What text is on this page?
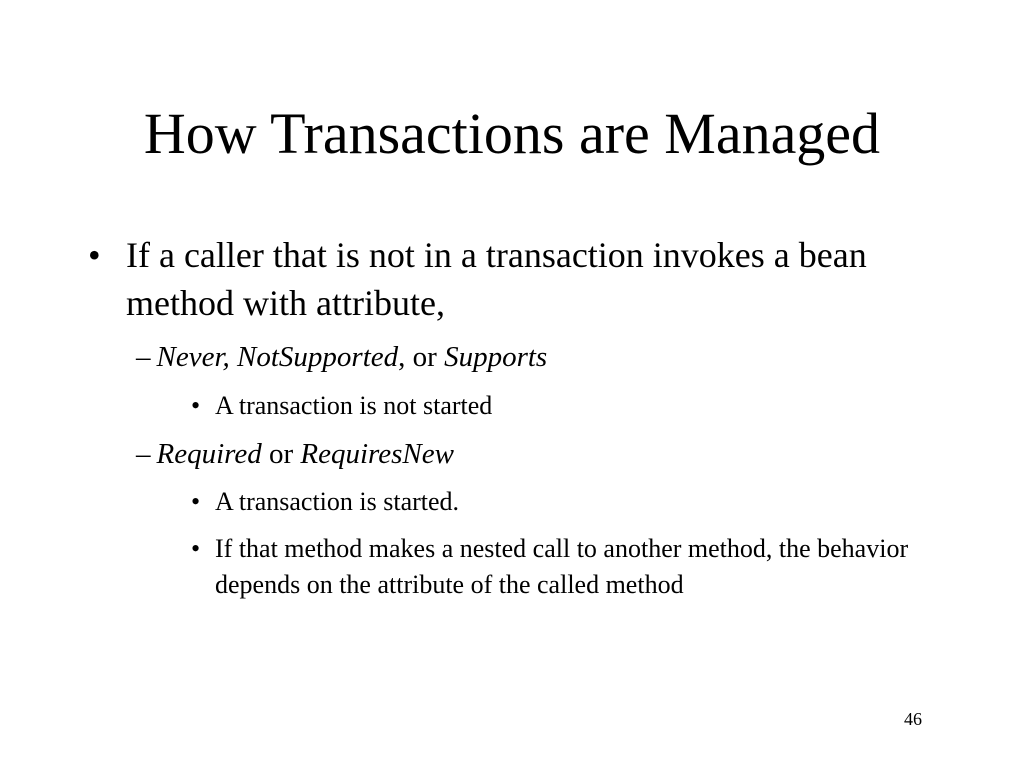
How Transactions are Managed
• If a caller that is not in a transaction invokes a bean method with attribute,
– Never, NotSupported, or Supports
• A transaction is not started
– Required or RequiresNew
• A transaction is started.
• If that method makes a nested call to another method, the behavior depends on the attribute of the called method
46
